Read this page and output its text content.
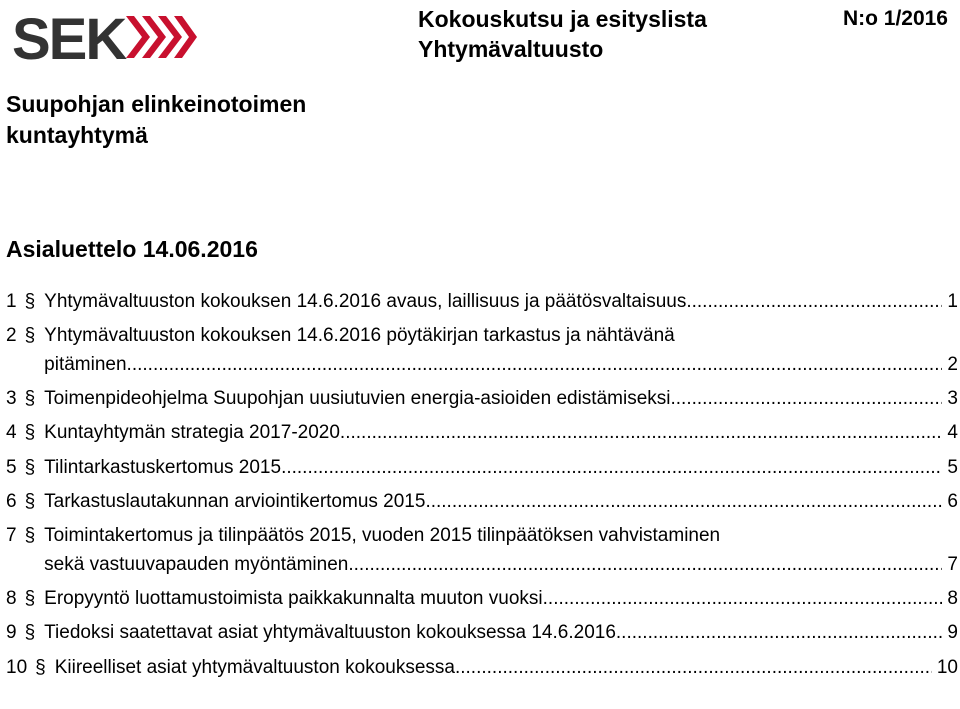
SEK	Kokouskutsu ja esityslista
Yhtymävaltuusto
N:o 1/2016
Suupohjan elinkeinotoimen
kuntayhtymä
Asialuettelo 14.06.2016
1 § Yhtymävaltuuston kokouksen 14.6.2016 avaus, laillisuus ja päätösvaltaisuus .....	1
2 § Yhtymävaltuuston kokouksen 14.6.2016 pöytäkirjan tarkastus ja nähtävänä
pitäminen .....	2
3 § Toimenpideohjelma Suupohjan uusiutuvien energia-asioiden edistämiseksi .....	3
4 § Kuntayhtymän strategia 2017-2020 .....	4
5 § Tilintarkastuskertomus 2015 .....	5
6 § Tarkastuslautakunnan arviointikertomus 2015 .....	6
7 § Toimintakertomus ja tilinpäätös 2015, vuoden 2015 tilinpäätöksen vahvistaminen
sekä vastuuvapauden myöntäminen .....	7
8 § Eropyyntö luottamustoimista paikkakunnalta muuton vuoksi .....	8
9 § Tiedoksi saatettavat asiat yhtymävaltuuston kokouksessa 14.6.2016 .....	9
10 § Kiireelliset asiat yhtymävaltuuston kokouksessa .....	10
